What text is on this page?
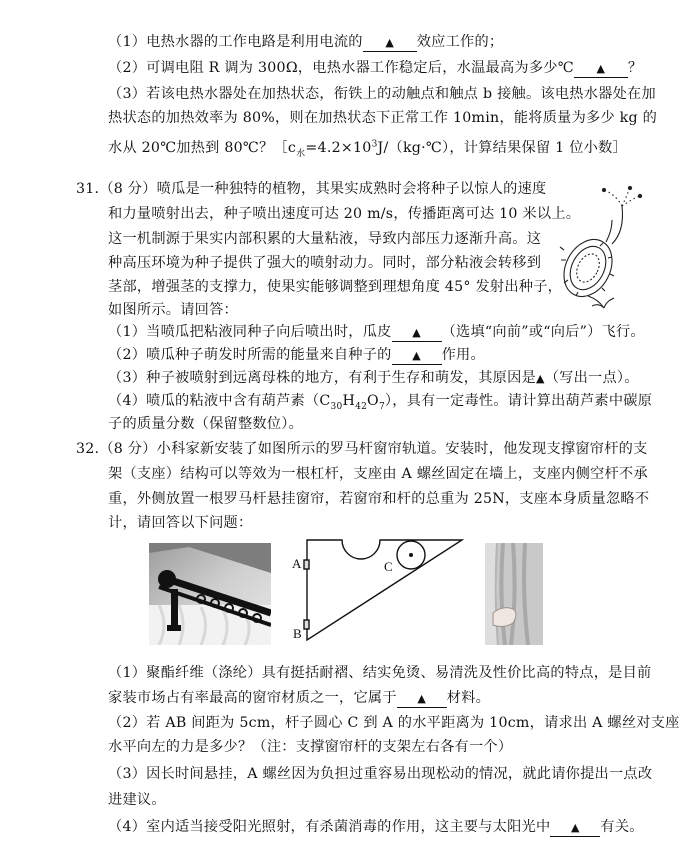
（1）电热水器的工作电路是利用电流的 ▲ 效应工作的；
（2）可调电阻 R 调为 300Ω，电热水器工作稳定后，水温最高为多少℃ ▲ ？
（3）若该电热水器处在加热状态，衔铁上的动触点和触点 b 接触。该电热水器处在加
热状态的加热效率为 80%，则在加热状态下正常工作 10min，能将质量为多少 kg 的
水从 20℃加热到 80℃？$[c_水=4.2\times 10^3J/(kg\cdot℃)$，计算结果保留 1 位小数］
31.（8 分）喷瓜是一种独特的植物，其果实成熟时会将种子以惊人的速度
和力量喷射出去，种子喷出速度可达 20 m/s，传播距离可达 10 米以上。
这一机制源于果实内部积累的大量粘液，导致内部压力逐渐升高。这
种高压环境为种子提供了强大的喷射动力。同时，部分粘液会转移到
茎部，增强茎的支撑力，使果实能够调整到理想角度 45° 发射出种子，
如图所示。请回答：
（1）当喷瓜把粘液同种子向后喷出时，瓜皮 ▲ （选填“向前”或“向后”）飞行。
（2）喷瓜种子萌发时所需的能量来自种子的 ▲ 作用。
（3）种子被喷射到远离母株的地方，有利于生存和萌发，其原因是▲（写出一点）。
（4）喷瓜的粘液中含有葫芦素$(C_{30}H_{42}O_7)$，具有一定毒性。请计算出葫芦素中碳原
子的质量分数（保留整数位）。
32.（8 分）小科家新安装了如图所示的罗马杆窗帘轨道。安装时，他发现支撑窗帘杆的支
架（支座）结构可以等效为一根杠杆，支座由 A 螺丝固定在墙上，支座内侧空杆不承
重，外侧放置一根罗马杆悬挂窗帘，若窗帘和杆的总重为 25N，支座本身质量忽略不
计，请回答以下问题：
A
B
C
（1）聚酯纤维（涤纶）具有挺括耐褶、结实免烫、易清洗及性价比高的特点，是目前
家装市场占有率最高的窗帘材质之一，它属于 ▲ 材料。
（2）若 AB 间距为 5cm，杆子圆心 C 到 A 的水平距离为 10cm，请求出 A 螺丝对支座
水平向左的力是多少？（注：支撑窗帘杆的支架左右各有一个）
（3）因长时间悬挂，A 螺丝因为负担过重容易出现松动的情况，就此请你提出一点改
进建议。
（4）室内适当接受阳光照射，有杀菌消毒的作用，这主要与太阳光中 ▲ 有关。
